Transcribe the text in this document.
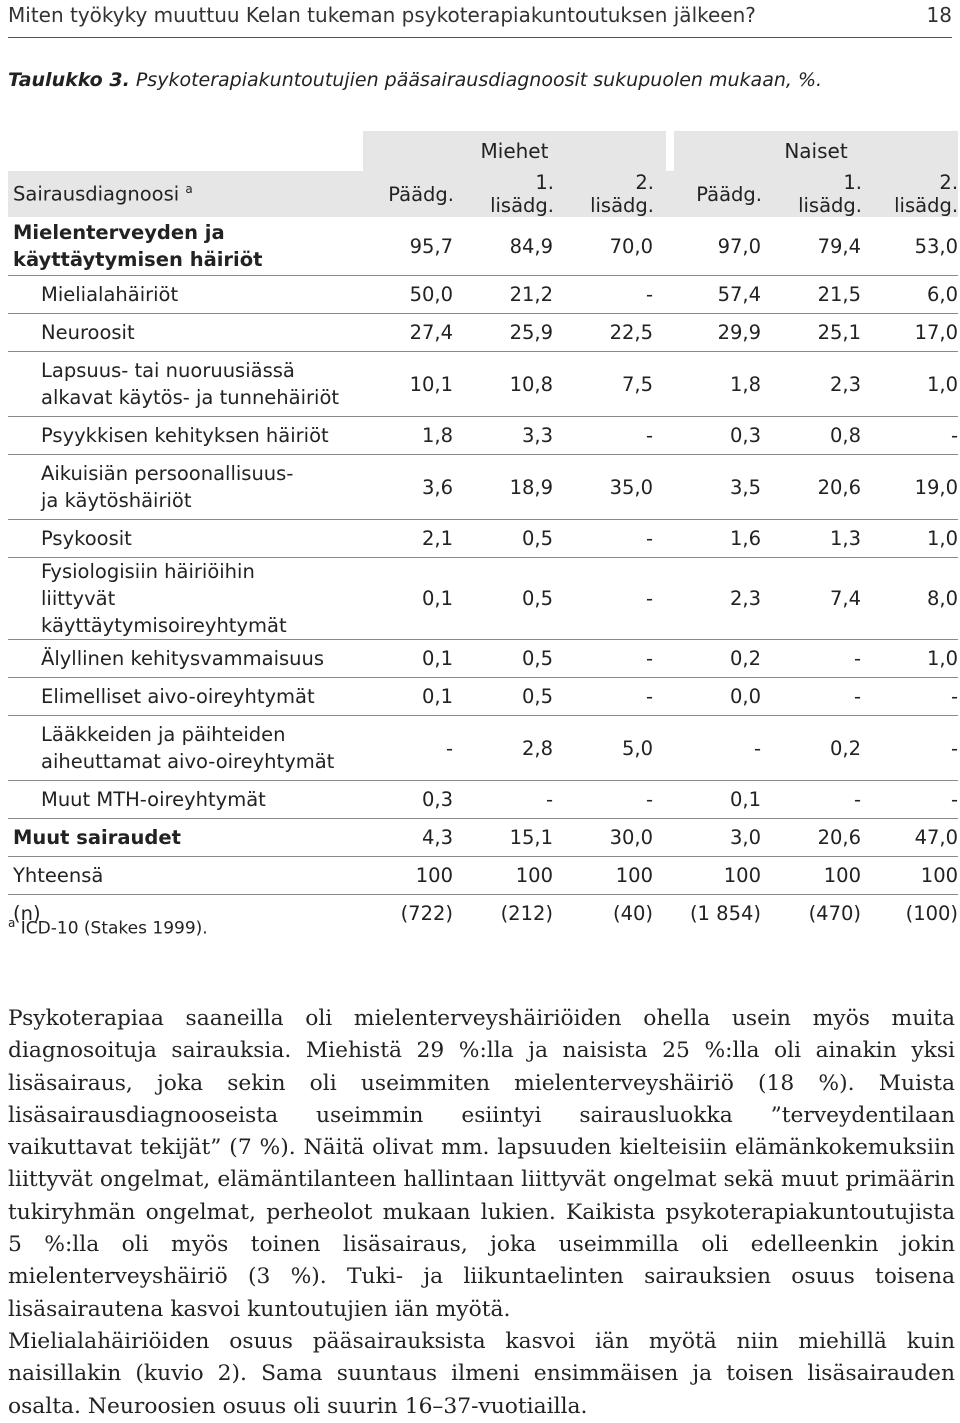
Miten työkyky muuttuu Kelan tukeman psykoterapiakuntoutuksen jälkeen?	18
Taulukko 3. Psykoterapiakuntoutujien pääsairausdiagnoosit sukupuolen mukaan, %.
	Miehet			Naiset		
Sairausdiagnoosi $^a$	Päädg.	1. lisädg.	2. lisädg.	Päädg.	1. lisädg.	2. lisädg.

Mielenterveyden ja käyttäytymisen häiriöt	95,7	84,9	70,0	97,0	79,4	53,0
Mielialahäiriöt	50,0	21,2	-	57,4	21,5	6,0
Neuroosit	27,4	25,9	22,5	29,9	25,1	17,0

Lapsuus- tai nuoruusiässä alkavat käytös- ja tunnehäiriöt	10,1	10,8	7,5	1,8	2,3	1,0
Psyykkisen kehityksen häiriöt	1,8	3,3	-	0,3	0,8	-

Aikuisiän persoonallisuus- ja käytöshäiriöt	3,6	18,9	35,0	3,5	20,6	19,0
Psykoosit	2,1	0,5	-	1,6	1,3	1,0

Fysiologisiin häiriöihin liittyvät käyttäytymisoireyhtymät	0,1	0,5	-	2,3	7,4	8,0
Älyllinen kehitysvammaisuus	0,1	0,5	-	0,2	-	1,0
Elimelliset aivo-oireyhtymät	0,1	0,5	-	0,0	-	-

Lääkkeiden ja päihteiden aiheuttamat aivo-oireyhtymät	-	2,8	5,0	-	0,2	-
Muut MTH-oireyhtymät	0,3	-	-	0,1	-	-
Muut sairaudet	4,3	15,1	30,0	3,0	20,6	47,0
Yhteensä	100	100	100	100	100	100
(n)	(722)	(212)	(40)	(1 854)	(470)	(100)
$^a$ ICD-10 (Stakes 1999).
Psykoterapiaa saaneilla oli mielenterveyshäiriöiden ohella usein myös muita diagnosoituja sairauksia. Miehistä 29 %:lla ja naisista 25 %:lla oli ainakin yksi lisäsairaus, joka sekin oli useimmiten mielenterveyshäiriö (18 %). Muista lisäsairausdiagnooseista useimmin esiintyi sairausluokka ”terveydentilaan vaikuttavat tekijät” (7 %). Näitä olivat mm. lapsuuden kielteisiin elämänkokemuksiin liittyvät ongelmat, elämäntilanteen hallintaan liittyvät ongelmat sekä muut primäärin tukiryhmän ongelmat, perheolot mukaan lukien. Kaikista psykoterapiakuntoutujista 5 %:lla oli myös toinen lisäsairaus, joka useimmilla oli edelleenkin jokin mielenterveyshäiriö (3 %). Tuki- ja liikuntaelinten sairauksien osuus toisena lisäsairautena kasvoi kuntoutujien iän myötä.
Mielialahäiriöiden osuus pääsairauksista kasvoi iän myötä niin miehillä kuin naisillakin (kuvio 2). Sama suuntaus ilmeni ensimmäisen ja toisen lisäsairauden osalta. Neuroosien osuus oli suurin 16–37-vuotiailla.
